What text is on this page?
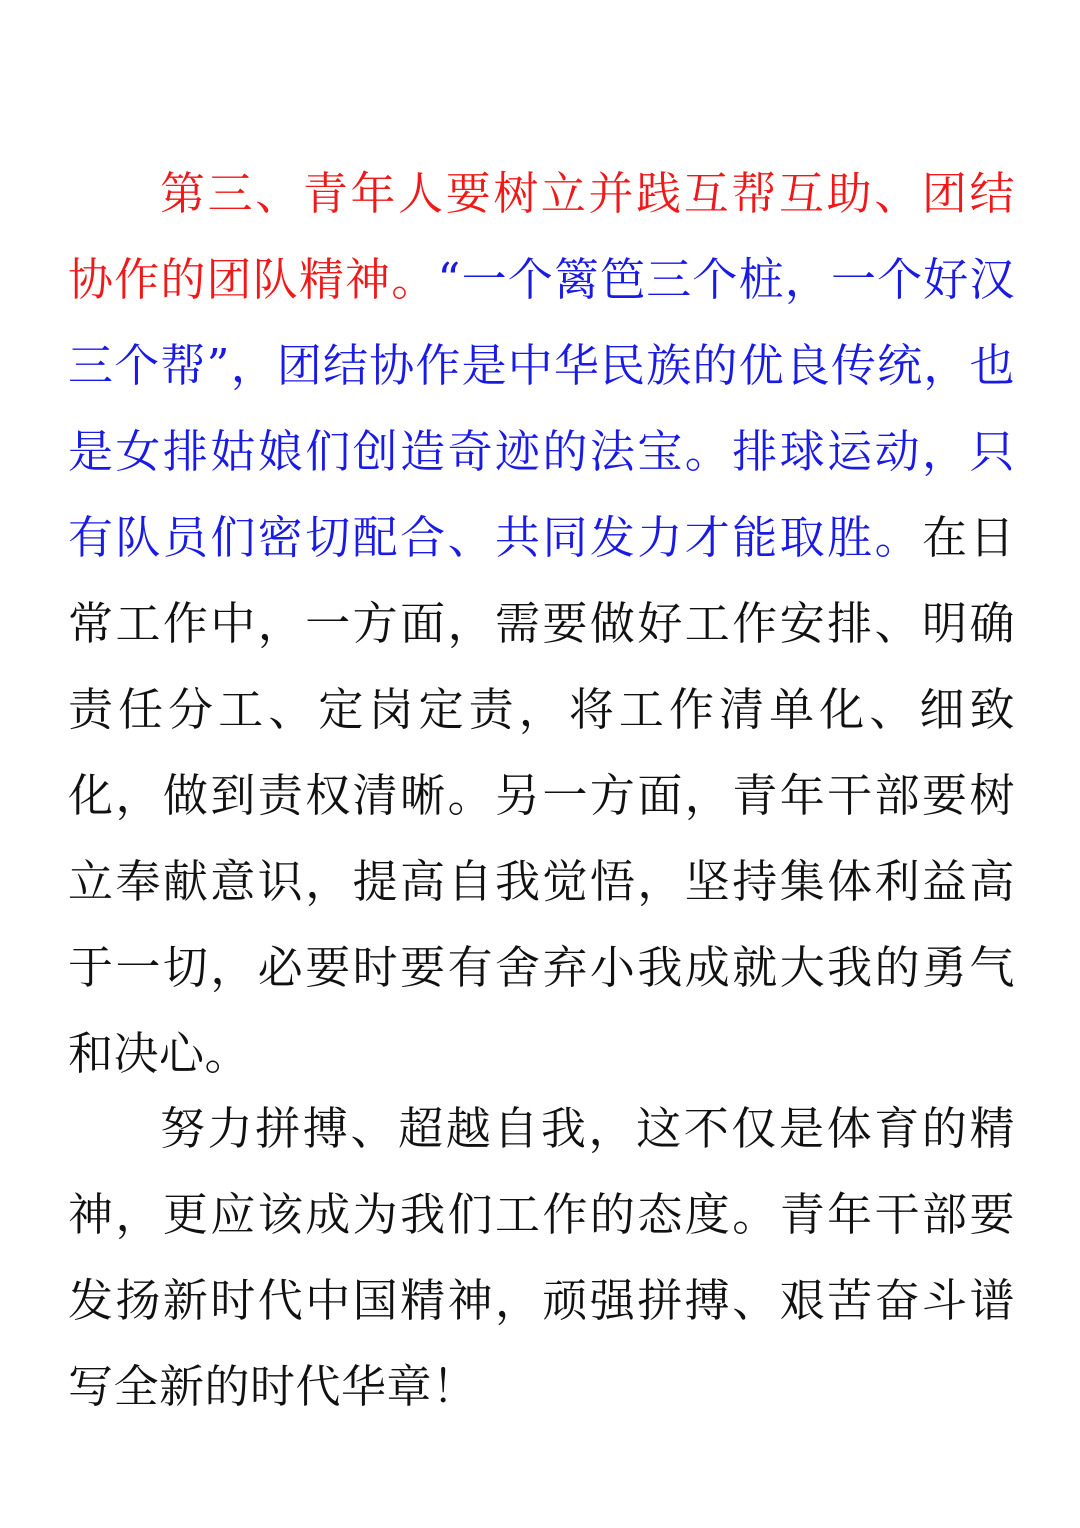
第三、青年人要树立并践互帮互助、团结协作的团队精神。“一个篱笆三个桩，一个好汉三个帮”，团结协作是中华民族的优良传统，也是女排姑娘们创造奇迹的法宝。排球运动，只有队员们密切配合、共同发力才能取胜。在日常工作中，一方面，需要做好工作安排、明确责任分工、定岗定责，将工作清单化、细致化，做到责权清晰。另一方面，青年干部要树立奉献意识，提高自我觉悟，坚持集体利益高于一切，必要时要有舍弃小我成就大我的勇气和决心。

努力拼搏、超越自我，这不仅是体育的精神，更应该成为我们工作的态度。青年干部要发扬新时代中国精神，顽强拼搏、艰苦奋斗谱写全新的时代华章！
